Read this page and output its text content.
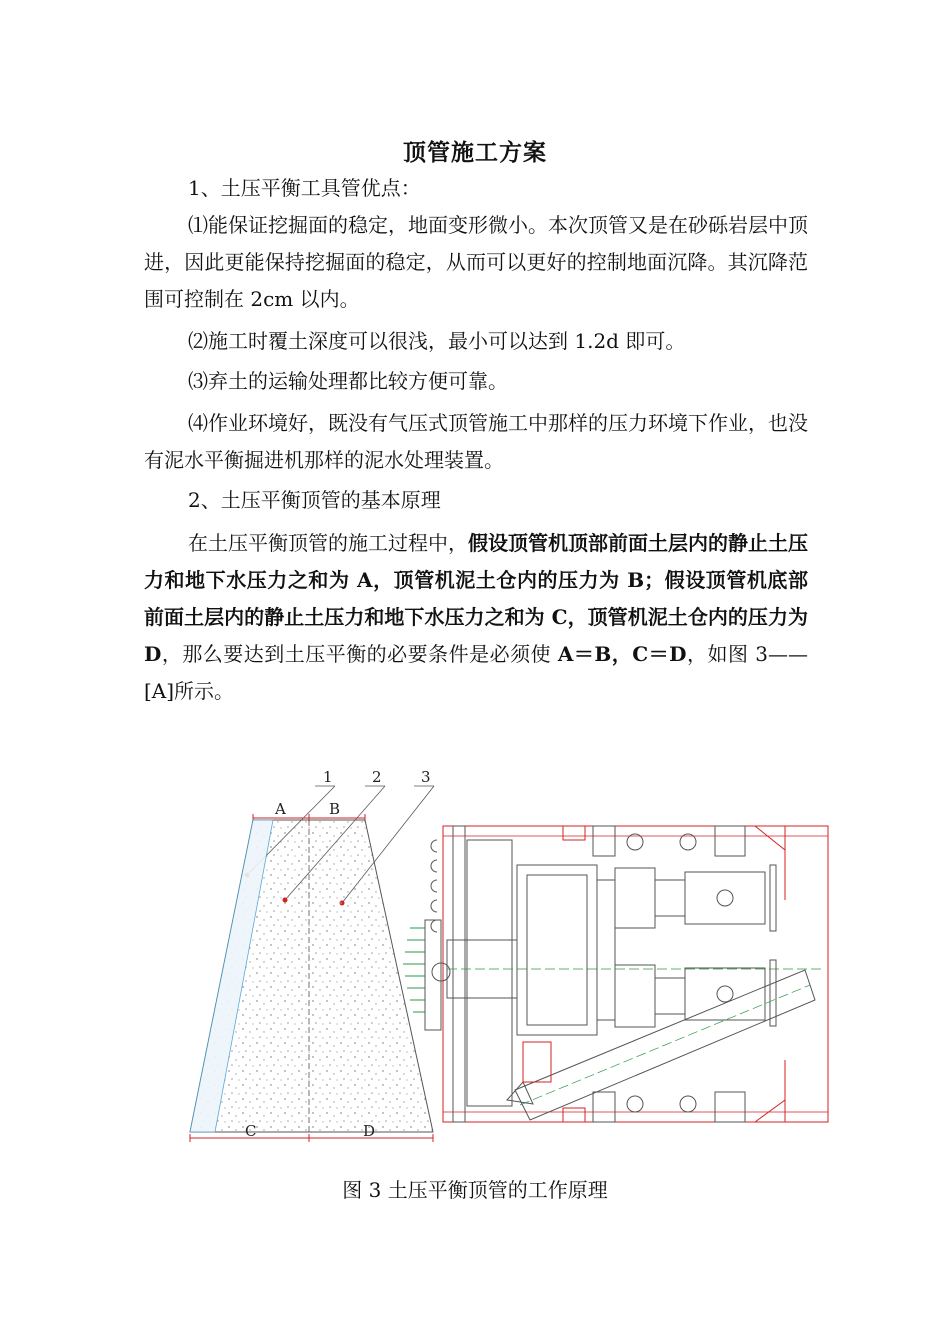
顶管施工方案

1、土压平衡工具管优点：

⑴能保证挖掘面的稳定，地面变形微小。本次顶管又是在砂砾岩层中顶进，因此更能保持挖掘面的稳定，从而可以更好的控制地面沉降。其沉降范围可控制在 2cm 以内。

⑵施工时覆土深度可以很浅，最小可以达到 1.2d 即可。

⑶弃土的运输处理都比较方便可靠。

⑷作业环境好，既没有气压式顶管施工中那样的压力环境下作业，也没有泥水平衡掘进机那样的泥水处理装置。

2、土压平衡顶管的基本原理

在土压平衡顶管的施工过程中，假设顶管机顶部前面土层内的静止土压力和地下水压力之和为 A，顶管机泥土仓内的压力为 B；假设顶管机底部前面土层内的静止土压力和地下水压力之和为 C，顶管机泥土仓内的压力为 D，那么要达到土压平衡的必要条件是必须使 A＝B，C＝D，如图 3——[A]所示。

1	2	3
A	B
C	D
图 3 土压平衡顶管的工作原理
